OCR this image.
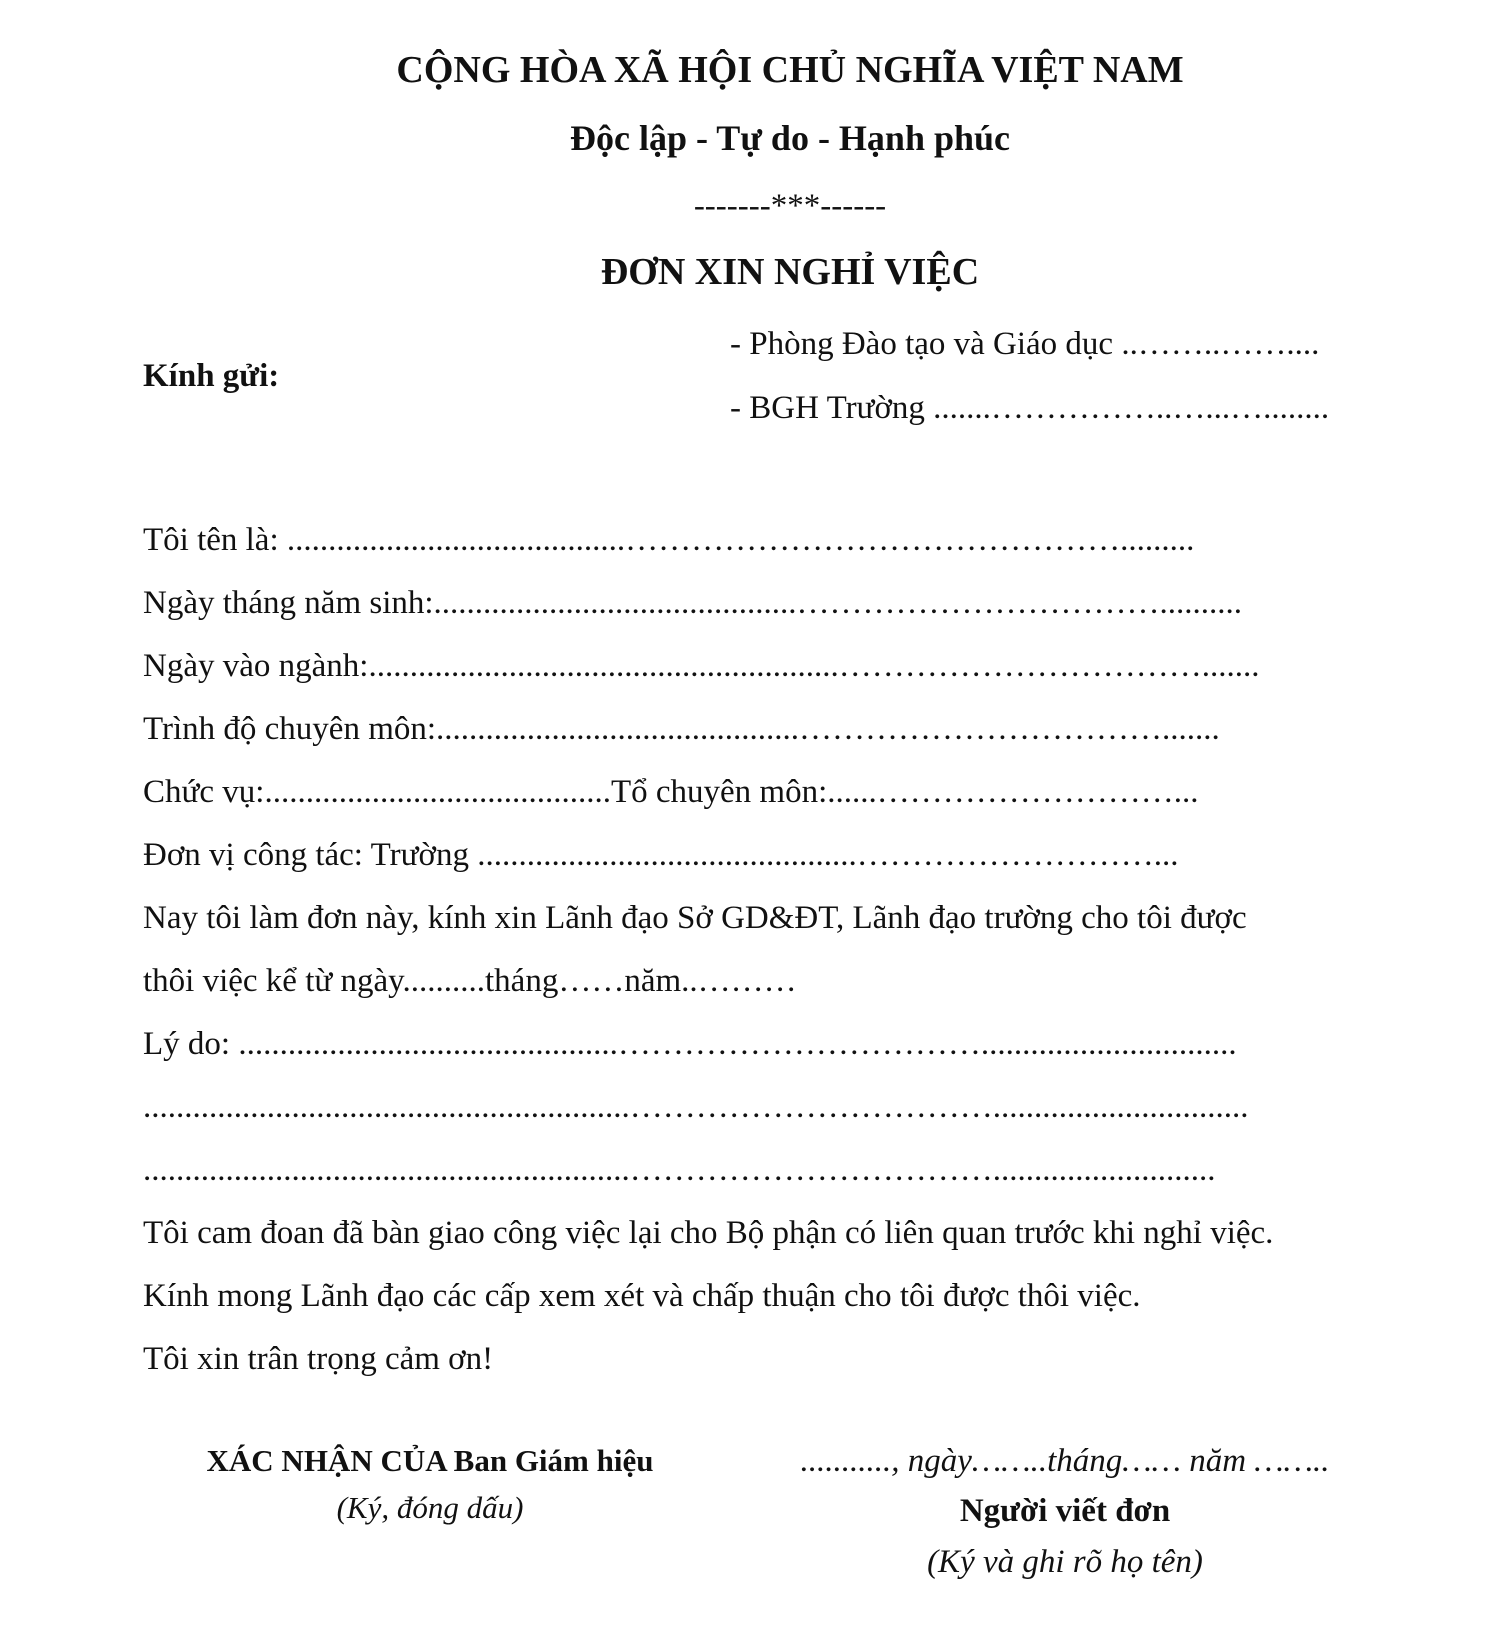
CỘNG HÒA XÃ HỘI CHỦ NGHĨA VIỆT NAM
Độc lập - Tự do - Hạnh phúc
-------***------
ĐƠN XIN NGHỈ VIỆC
Kính gửi:
- Phòng Đào tạo và Giáo dục ..……..……....
- BGH Trường .......……………..…...…........
Tôi tên là: .........................................……………………………………….........
Ngày tháng năm sinh:............................................……………………………..........
Ngày vào ngành:.........................................................…………………………….......
Trình độ chuyên môn:............................................…………………………….......
Chức vụ:..........................................Tổ chuyên môn:......………………………...
Đơn vị công tác: Trường ..............................................………………………...
Nay tôi làm đơn này, kính xin Lãnh đạo Sở GD&ĐT, Lãnh đạo trường cho tôi được
thôi việc kể từ ngày..........tháng……năm..………
Lý do: ..............................................……………………………...............................
...........................................................……………………………...............................
...........................................................……………………………...........................
Tôi cam đoan đã bàn giao công việc lại cho Bộ phận có liên quan trước khi nghỉ việc.
Kính mong Lãnh đạo các cấp xem xét và chấp thuận cho tôi được thôi việc.
Tôi xin trân trọng cảm ơn!
XÁC NHẬN CỦA Ban Giám hiệu
(Ký, đóng dấu)
..........., ngày……..tháng…… năm ……..
Người viết đơn
(Ký và ghi rõ họ tên)
